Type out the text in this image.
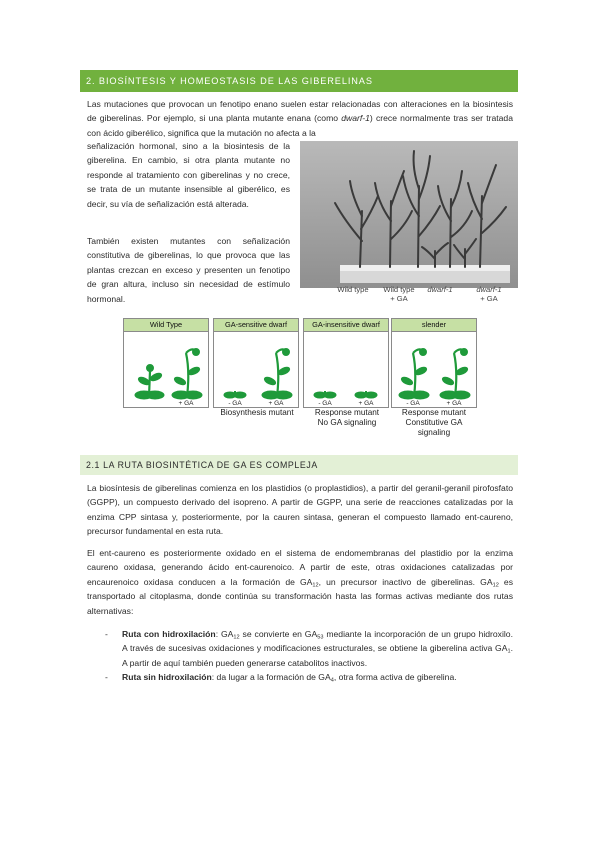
2. BIOSÍNTESIS Y HOMEOSTASIS DE LAS GIBERELINAS

Las mutaciones que provocan un fenotipo enano suelen estar relacionadas con alteraciones en la biosintesis de giberelinas. Por ejemplo, si una planta mutante enana (como dwarf-1) crece normalmente tras ser tratada con ácido giberélico, significa que la mutación no afecta a la

señalización hormonal, sino a la biosintesis de la giberelina. En cambio, si otra planta mutante no responde al tratamiento con giberelinas y no crece, se trata de un mutante insensible al giberélico, es decir, su vía de señalización está alterada.

También existen mutantes con señalización constitutiva de giberelinas, lo que provoca que las plantas crezcan en exceso y presenten un fenotipo de gran altura, incluso sin necesidad de estímulo hormonal.

Wild type	Wild type
+ GA
dwarf-1	dwarf-1
+ GA
Wild Type
+ GA
GA-sensitive dwarf
- GA	+ GA
GA-insensitive dwarf
- GA	+ GA
slender
- GA	+ GA
Biosynthesis mutant	Response mutant
No GA signaling
Response mutant
Constitutive GA
signaling
2.1 LA RUTA BIOSINTÉTICA DE GA ES COMPLEJA

La biosíntesis de giberelinas comienza en los plastidios (o proplastidios), a partir del geranil-geranil pirofosfato (GGPP), un compuesto derivado del isopreno. A partir de GGPP, una serie de reacciones catalizadas por la enzima CPP sintasa y, posteriormente, por la cauren sintasa, generan el compuesto llamado ent-caureno, precursor fundamental en esta ruta.

El ent-caureno es posteriormente oxidado en el sistema de endomembranas del plastidio por la enzima caureno oxidasa, generando ácido ent-caurenoico. A partir de este, otras oxidaciones catalizadas por encaurenoico oxidasa conducen a la formación de $GA_{12}$, un precursor inactivo de giberelinas. $GA_{12}$ es transportado al citoplasma, donde continúa su transformación hasta las formas activas mediante dos rutas alternativas:

- Ruta con hidroxilación: $GA_{12}$ se convierte en $GA_{53}$ mediante la incorporación de un grupo hidroxilo. A través de sucesivas oxidaciones y modificaciones estructurales, se obtiene la giberelina activa $GA_1$. A partir de aquí también pueden generarse catabolitos inactivos.
- Ruta sin hidroxilación: da lugar a la formación de $GA_4$, otra forma activa de giberelina.
